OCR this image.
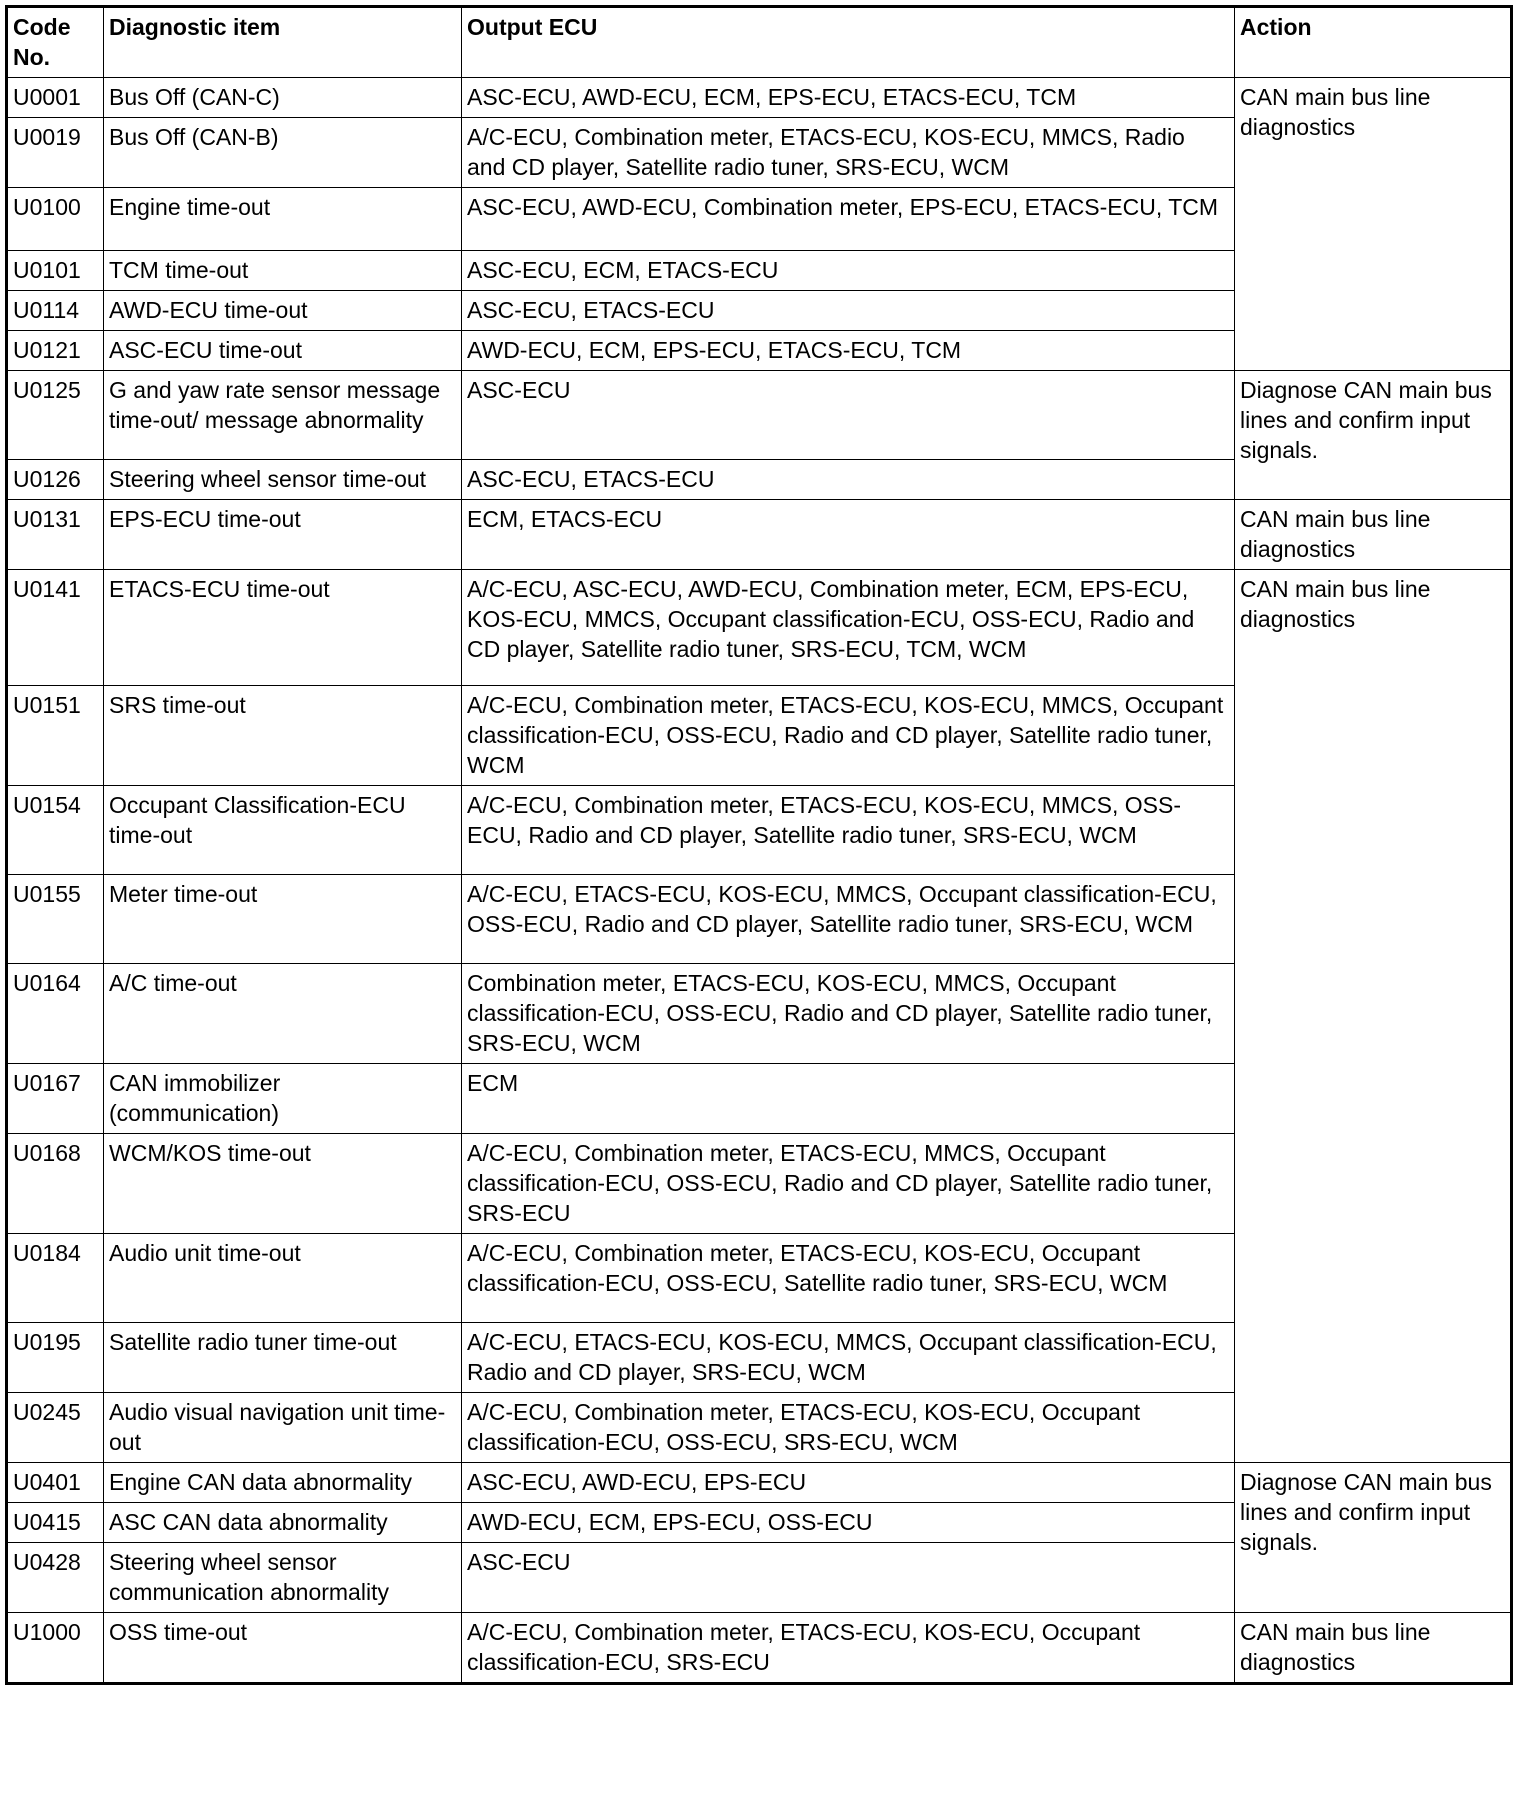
Code No.	Diagnostic item	Output ECU	Action
U0001	Bus Off (CAN-C)	ASC-ECU, AWD-ECU, ECM, EPS-ECU, ETACS-ECU, TCM	CAN main bus line diagnostics
U0019	Bus Off (CAN-B)	A/C-ECU, Combination meter, ETACS-ECU, KOS-ECU, MMCS, Radio and CD player, Satellite radio tuner, SRS-ECU, WCM	
U0100	Engine time-out	ASC-ECU, AWD-ECU, Combination meter, EPS-ECU, ETACS-ECU, TCM	
U0101	TCM time-out	ASC-ECU, ECM, ETACS-ECU	
U0114	AWD-ECU time-out	ASC-ECU, ETACS-ECU	
U0121	ASC-ECU time-out	AWD-ECU, ECM, EPS-ECU, ETACS-ECU, TCM	
U0125	G and yaw rate sensor message time-out/ message abnormality	ASC-ECU	Diagnose CAN main bus lines and confirm input signals.
U0126	Steering wheel sensor time-out	ASC-ECU, ETACS-ECU	
U0131	EPS-ECU time-out	ECM, ETACS-ECU	CAN main bus line diagnostics
U0141	ETACS-ECU time-out	A/C-ECU, ASC-ECU, AWD-ECU, Combination meter, ECM, EPS-ECU, KOS-ECU, MMCS, Occupant classification-ECU, OSS-ECU, Radio and CD player, Satellite radio tuner, SRS-ECU, TCM, WCM	CAN main bus line diagnostics
U0151	SRS time-out	A/C-ECU, Combination meter, ETACS-ECU, KOS-ECU, MMCS, Occupant classification-ECU, OSS-ECU, Radio and CD player, Satellite radio tuner, WCM	
U0154	Occupant Classification-ECU time-out	A/C-ECU, Combination meter, ETACS-ECU, KOS-ECU, MMCS, OSS-ECU, Radio and CD player, Satellite radio tuner, SRS-ECU, WCM	
U0155	Meter time-out	A/C-ECU, ETACS-ECU, KOS-ECU, MMCS, Occupant classification-ECU, OSS-ECU, Radio and CD player, Satellite radio tuner, SRS-ECU, WCM	
U0164	A/C time-out	Combination meter, ETACS-ECU, KOS-ECU, MMCS, Occupant classification-ECU, OSS-ECU, Radio and CD player, Satellite radio tuner, SRS-ECU, WCM	
U0167	CAN immobilizer (communication)	ECM	
U0168	WCM/KOS time-out	A/C-ECU, Combination meter, ETACS-ECU, MMCS, Occupant classification-ECU, OSS-ECU, Radio and CD player, Satellite radio tuner, SRS-ECU	
U0184	Audio unit time-out	A/C-ECU, Combination meter, ETACS-ECU, KOS-ECU, Occupant classification-ECU, OSS-ECU, Satellite radio tuner, SRS-ECU, WCM	
U0195	Satellite radio tuner time-out	A/C-ECU, ETACS-ECU, KOS-ECU, MMCS, Occupant classification-ECU, Radio and CD player, SRS-ECU, WCM	
U0245	Audio visual navigation unit time-out	A/C-ECU, Combination meter, ETACS-ECU, KOS-ECU, Occupant classification-ECU, OSS-ECU, SRS-ECU, WCM	
U0401	Engine CAN data abnormality	ASC-ECU, AWD-ECU, EPS-ECU	Diagnose CAN main bus lines and confirm input signals.
U0415	ASC CAN data abnormality	AWD-ECU, ECM, EPS-ECU, OSS-ECU	
U0428	Steering wheel sensor communication abnormality	ASC-ECU	
U1000	OSS time-out	A/C-ECU, Combination meter, ETACS-ECU, KOS-ECU, Occupant classification-ECU, SRS-ECU	CAN main bus line diagnostics
